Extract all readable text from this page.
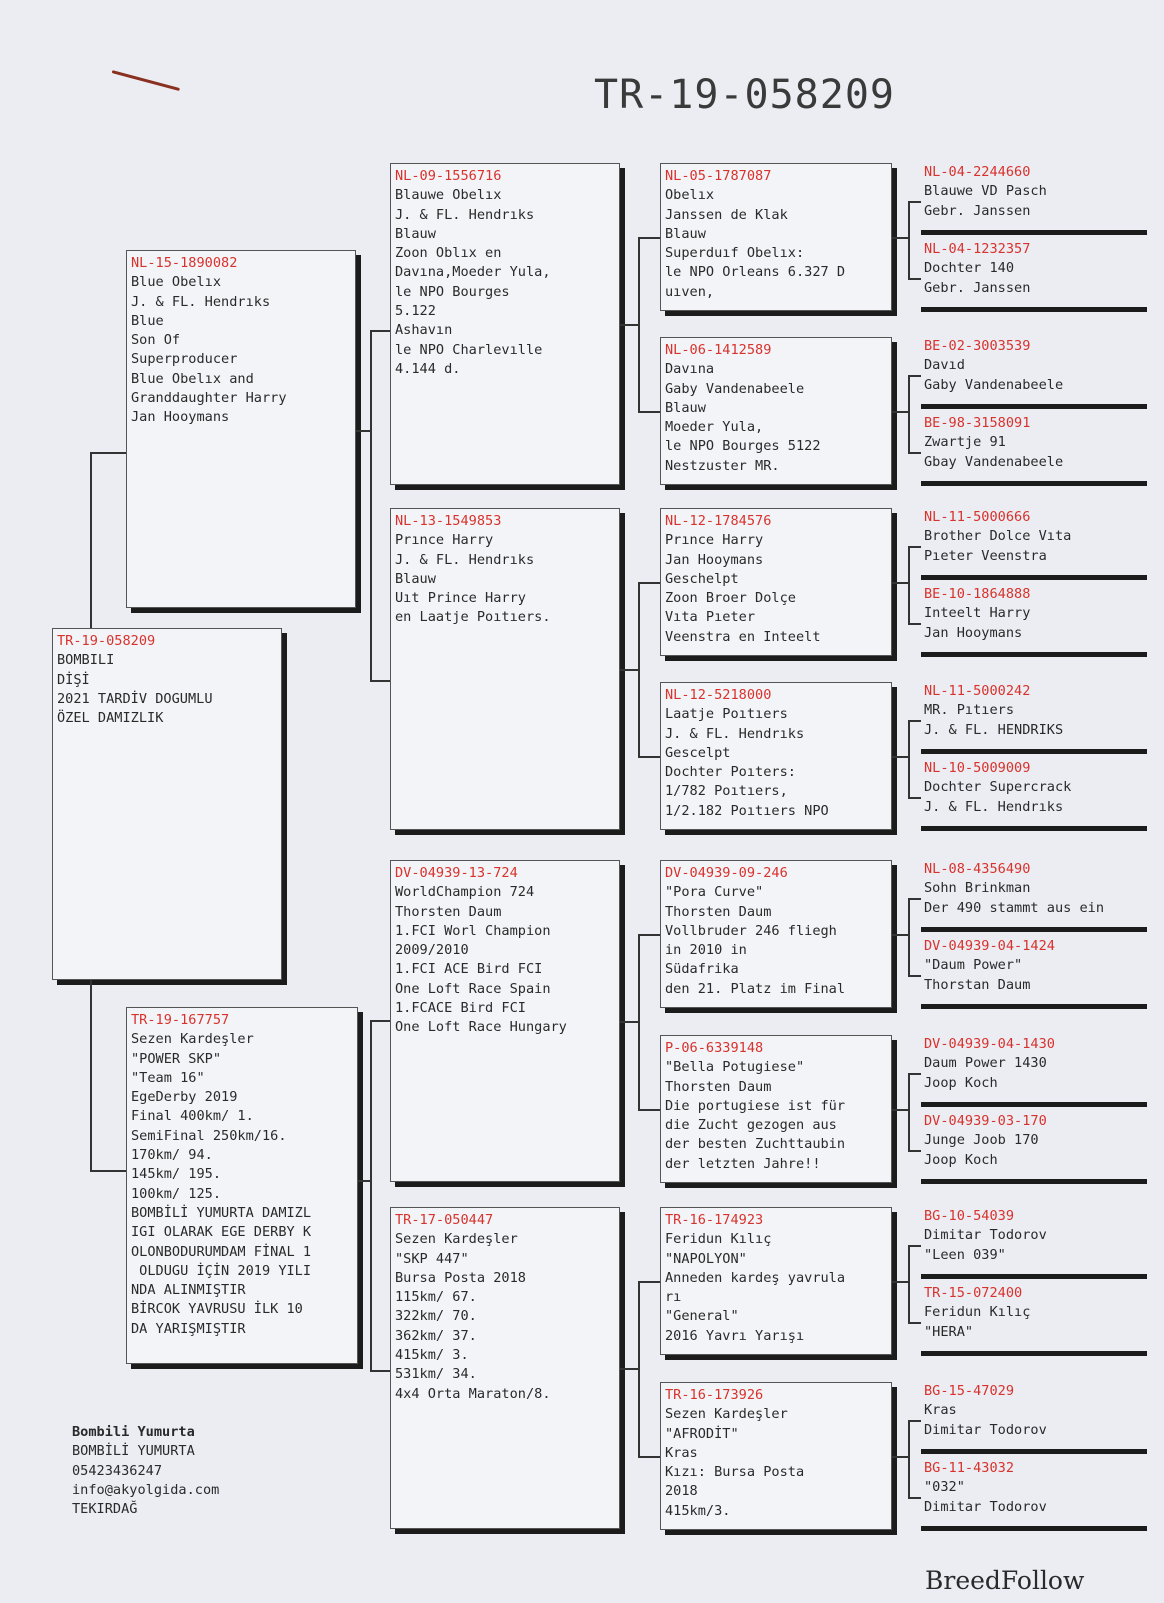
TR-19-058209
TR-19-058209
BOMBILI
DİŞİ
2021 TARDİV DOGUMLU
ÖZEL DAMIZLIK
NL-15-1890082
Blue Obelıx
J. & FL. Hendrıks
Blue
Son Of
Superproducer
Blue Obelıx and
Granddaughter Harry
Jan Hooymans
TR-19-167757
Sezen Kardeşler
"POWER SKP"
"Team 16"
EgeDerby 2019
Final 400km/ 1.
SemiFinal 250km/16.
170km/ 94.
145km/ 195.
100km/ 125.
BOMBİLİ YUMURTA DAMIZL
IGI OLARAK EGE DERBY K
OLONBODURUMDAM FİNAL 1
OLDUGU İÇİN 2019 YILI
NDA ALINMIŞTIR
BİRCOK YAVRUSU İLK 10
DA YARIŞMIŞTIR
NL-09-1556716
Blauwe Obelıx
J. & FL. Hendrıks
Blauw
Zoon Oblıx en
Davına,Moeder Yula,
le NPO Bourges
5.122
Ashavın
le NPO Charlevılle
4.144 d.
NL-13-1549853
Prınce Harry
J. & FL. Hendrıks
Blauw
Uıt Prince Harry
en Laatje Poıtıers.
DV-04939-13-724
WorldChampion 724
Thorsten Daum
1.FCI Worl Champion
2009/2010
1.FCI ACE Bird FCI
One Loft Race Spain
1.FCACE Bird FCI
One Loft Race Hungary
TR-17-050447
Sezen Kardeşler
"SKP 447"
Bursa Posta 2018
115km/ 67.
322km/ 70.
362km/ 37.
415km/ 3.
531km/ 34.
4x4 Orta Maraton/8.
NL-05-1787087
Obelıx
Janssen de Klak
Blauw
Superduıf Obelıx:
le NPO Orleans 6.327 D
uıven,
NL-06-1412589
Davına
Gaby Vandenabeele
Blauw
Moeder Yula,
le NPO Bourges 5122
Nestzuster MR.
NL-12-1784576
Prınce Harry
Jan Hooymans
Geschelpt
Zoon Broer Dolçe
Vıta Pıeter
Veenstra en Inteelt
NL-12-5218000
Laatje Poıtıers
J. & FL. Hendrıks
Gescelpt
Dochter Poıters:
1/782 Poıtıers,
1/2.182 Poıtıers NPO
DV-04939-09-246
"Pora Curve"
Thorsten Daum
Vollbruder 246 fliegh
in 2010 in
Südafrika
den 21. Platz im Final
P-06-6339148
"Bella Potugiese"
Thorsten Daum
Die portugiese ist für
die Zucht gezogen aus
der besten Zuchttaubin
der letzten Jahre!!
TR-16-174923
Feridun Kılıç
"NAPOLYON"
Anneden kardeş yavrula
rı
"General"
2016 Yavrı Yarışı
TR-16-173926
Sezen Kardeşler
"AFRODİT"
Kras
Kızı: Bursa Posta
2018
415km/3.
NL-04-2244660
Blauwe VD Pasch
Gebr. Janssen
NL-04-1232357
Dochter 140
Gebr. Janssen
BE-02-3003539
Davıd
Gaby Vandenabeele
BE-98-3158091
Zwartje 91
Gbay Vandenabeele
NL-11-5000666
Brother Dolce Vıta
Pıeter Veenstra
BE-10-1864888
Inteelt Harry
Jan Hooymans
NL-11-5000242
MR. Pıtıers
J. & FL. HENDRIKS
NL-10-5009009
Dochter Supercrack
J. & FL. Hendrıks
NL-08-4356490
Sohn Brinkman
Der 490 stammt aus ein
DV-04939-04-1424
"Daum Power"
Thorstan Daum
DV-04939-04-1430
Daum Power 1430
Joop Koch
DV-04939-03-170
Junge Joob 170
Joop Koch
BG-10-54039
Dimitar Todorov
"Leen 039"
TR-15-072400
Feridun Kılıç
"HERA"
BG-15-47029
Kras
Dimitar Todorov
BG-11-43032
"032"
Dimitar Todorov
Bombili Yumurta
BOMBİLİ YUMURTA
05423436247
info@akyolgida.com
TEKIRDAĞ
BreedFollow
